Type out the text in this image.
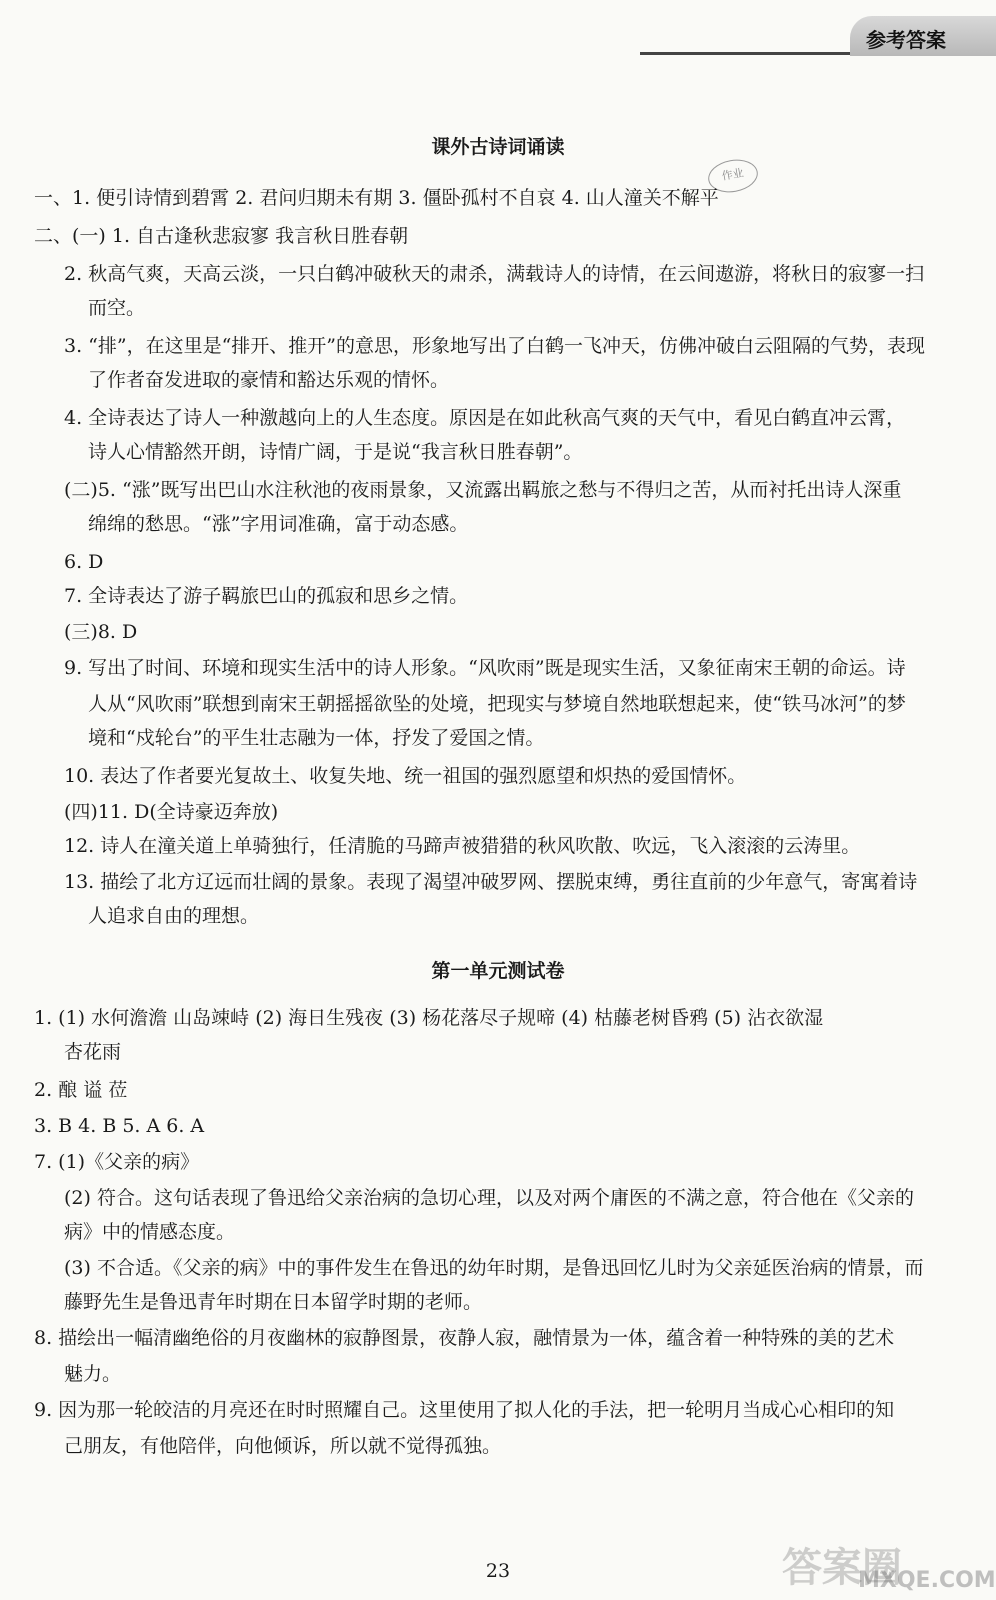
参考答案
课外古诗词诵读
作业
一、1. 便引诗情到碧霄 2. 君问归期未有期 3. 僵卧孤村不自哀 4. 山人潼关不解平
二、(一) 1. 自古逢秋悲寂寥 我言秋日胜春朝
2. 秋高气爽，天高云淡，一只白鹤冲破秋天的肃杀，满载诗人的诗情，在云间遨游，将秋日的寂寥一扫
而空。
3. “排”，在这里是“排开、推开”的意思，形象地写出了白鹤一飞冲天，仿佛冲破白云阻隔的气势，表现
了作者奋发进取的豪情和豁达乐观的情怀。
4. 全诗表达了诗人一种激越向上的人生态度。原因是在如此秋高气爽的天气中，看见白鹤直冲云霄，
诗人心情豁然开朗，诗情广阔，于是说“我言秋日胜春朝”。
(二)5. “涨”既写出巴山水注秋池的夜雨景象，又流露出羁旅之愁与不得归之苦，从而衬托出诗人深重
绵绵的愁思。“涨”字用词准确，富于动态感。
6. D
7. 全诗表达了游子羁旅巴山的孤寂和思乡之情。
(三)8. D
9. 写出了时间、环境和现实生活中的诗人形象。“风吹雨”既是现实生活，又象征南宋王朝的命运。诗
人从“风吹雨”联想到南宋王朝摇摇欲坠的处境，把现实与梦境自然地联想起来，使“铁马冰河”的梦
境和“戍轮台”的平生壮志融为一体，抒发了爱国之情。
10. 表达了作者要光复故土、收复失地、统一祖国的强烈愿望和炽热的爱国情怀。
(四)11. D(全诗豪迈奔放)
12. 诗人在潼关道上单骑独行，任清脆的马蹄声被猎猎的秋风吹散、吹远，飞入滚滚的云涛里。
13. 描绘了北方辽远而壮阔的景象。表现了渴望冲破罗网、摆脱束缚，勇往直前的少年意气，寄寓着诗
人追求自由的理想。
第一单元测试卷
1. (1) 水何澹澹 山岛竦峙 (2) 海日生残夜 (3) 杨花落尽子规啼 (4) 枯藤老树昏鸦 (5) 沾衣欲湿
杏花雨
2. 酿 谥 莅
3. B 4. B 5. A 6. A
7. (1)《父亲的病》
(2) 符合。这句话表现了鲁迅给父亲治病的急切心理，以及对两个庸医的不满之意，符合他在《父亲的
病》中的情感态度。
(3) 不合适。《父亲的病》中的事件发生在鲁迅的幼年时期，是鲁迅回忆儿时为父亲延医治病的情景，而
藤野先生是鲁迅青年时期在日本留学时期的老师。
8. 描绘出一幅清幽绝俗的月夜幽林的寂静图景，夜静人寂，融情景为一体，蕴含着一种特殊的美的艺术
魅力。
9. 因为那一轮皎洁的月亮还在时时照耀自己。这里使用了拟人化的手法，把一轮明月当成心心相印的知
己朋友，有他陪伴，向他倾诉，所以就不觉得孤独。
23	答案圈
MXQE.COM
